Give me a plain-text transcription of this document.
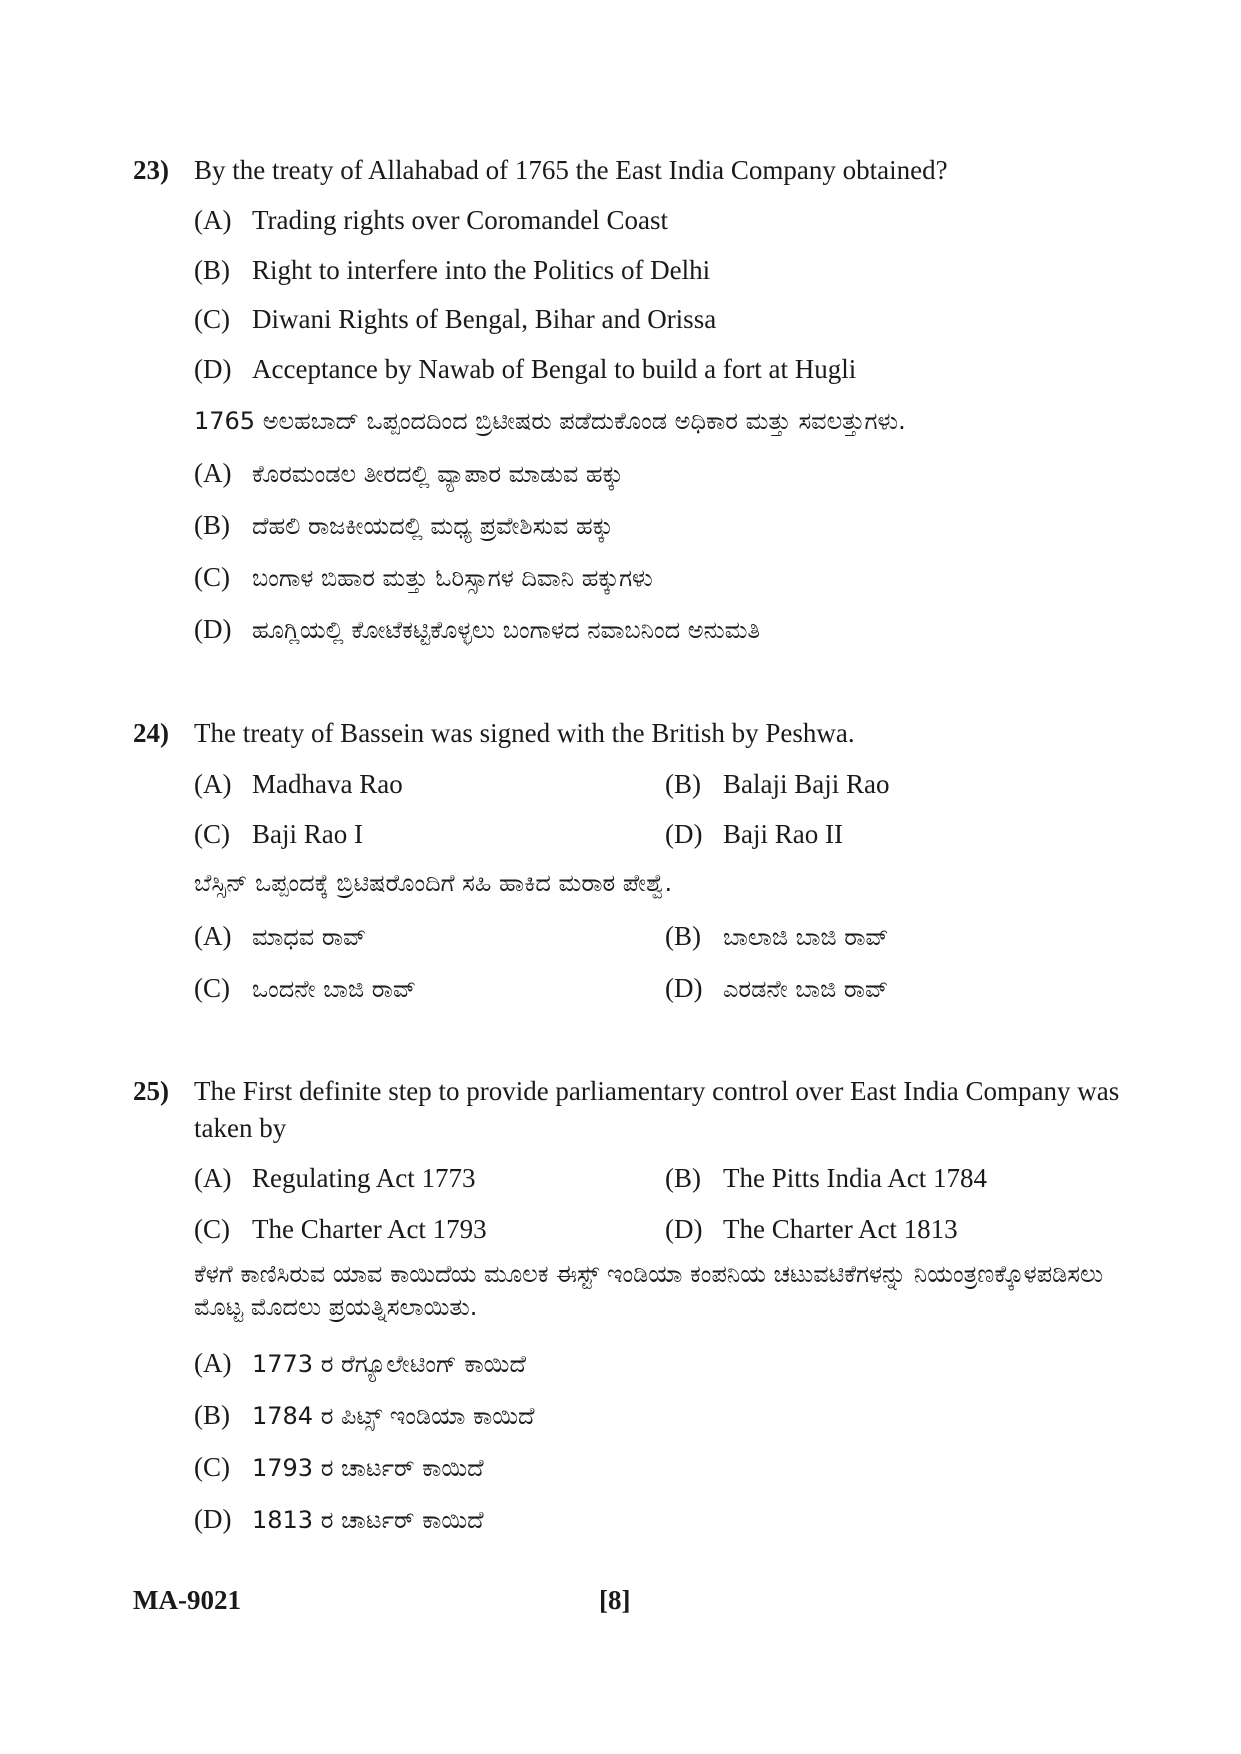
23) By the treaty of Allahabad of 1765 the East India Company obtained?
(A) Trading rights over Coromandel Coast
(B) Right to interfere into the Politics of Delhi
(C) Diwani Rights of Bengal, Bihar and Orissa
(D) Acceptance by Nawab of Bengal to build a fort at Hugli
1765 ಅಲಹಬಾದ್ ಒಪ್ಪಂದದಿಂದ ಬ್ರಿಟೀಷರು ಪಡೆದುಕೊಂಡ ಅಧಿಕಾರ ಮತ್ತು ಸವಲತ್ತುಗಳು.
(A) ಕೊರಮಂಡಲ ತೀರದಲ್ಲಿ ವ್ಯಾಪಾರ ಮಾಡುವ ಹಕ್ಕು
(B) ದೆಹಲಿ ರಾಜಕೀಯದಲ್ಲಿ ಮಧ್ಯ ಪ್ರವೇಶಿಸುವ ಹಕ್ಕು
(C) ಬಂಗಾಳ ಬಿಹಾರ ಮತ್ತು ಓರಿಸ್ಸಾಗಳ ದಿವಾನಿ ಹಕ್ಕುಗಳು
(D) ಹೂಗ್ಲಿಯಲ್ಲಿ ಕೋಟೆಕಟ್ಟಿಕೊಳ್ಳಲು ಬಂಗಾಳದ ನವಾಬನಿಂದ ಅನುಮತಿ
24) The treaty of Bassein was signed with the British by Peshwa.
(A) Madhava Rao	(B) Balaji Baji Rao
(C) Baji Rao I	(D) Baji Rao II
ಬೆಸ್ಸಿನ್ ಒಪ್ಪಂದಕ್ಕೆ ಬ್ರಿಟಿಷರೊಂದಿಗೆ ಸಹಿ ಹಾಕಿದ ಮರಾಠ ಪೇಶ್ವೆ.
(A) ಮಾಧವ ರಾವ್	(B) ಬಾಲಾಜಿ ಬಾಜಿ ರಾವ್
(C) ಒಂದನೇ ಬಾಜಿ ರಾವ್	(D) ಎರಡನೇ ಬಾಜಿ ರಾವ್
25) The First definite step to provide parliamentary control over East India Company was taken by
(A) Regulating Act 1773	(B) The Pitts India Act 1784
(C) The Charter Act 1793	(D) The Charter Act 1813
ಕೆಳಗೆ ಕಾಣಿಸಿರುವ ಯಾವ ಕಾಯಿದೆಯ ಮೂಲಕ ಈಸ್ಟ್ ಇಂಡಿಯಾ ಕಂಪನಿಯ ಚಟುವಟಿಕೆಗಳನ್ನು ನಿಯಂತ್ರಣಕ್ಕೊಳಪಡಿಸಲು ಮೊಟ್ಟ ಮೊದಲು ಪ್ರಯತ್ನಿಸಲಾಯಿತು.
(A) 1773 ರ ರೆಗ್ಯೂಲೇಟಿಂಗ್ ಕಾಯಿದೆ
(B) 1784 ರ ಪಿಟ್ಸ್ ಇಂಡಿಯಾ ಕಾಯಿದೆ
(C) 1793 ರ ಚಾರ್ಟರ್ ಕಾಯಿದೆ
(D) 1813 ರ ಚಾರ್ಟರ್ ಕಾಯಿದೆ
MA-9021	[8]
